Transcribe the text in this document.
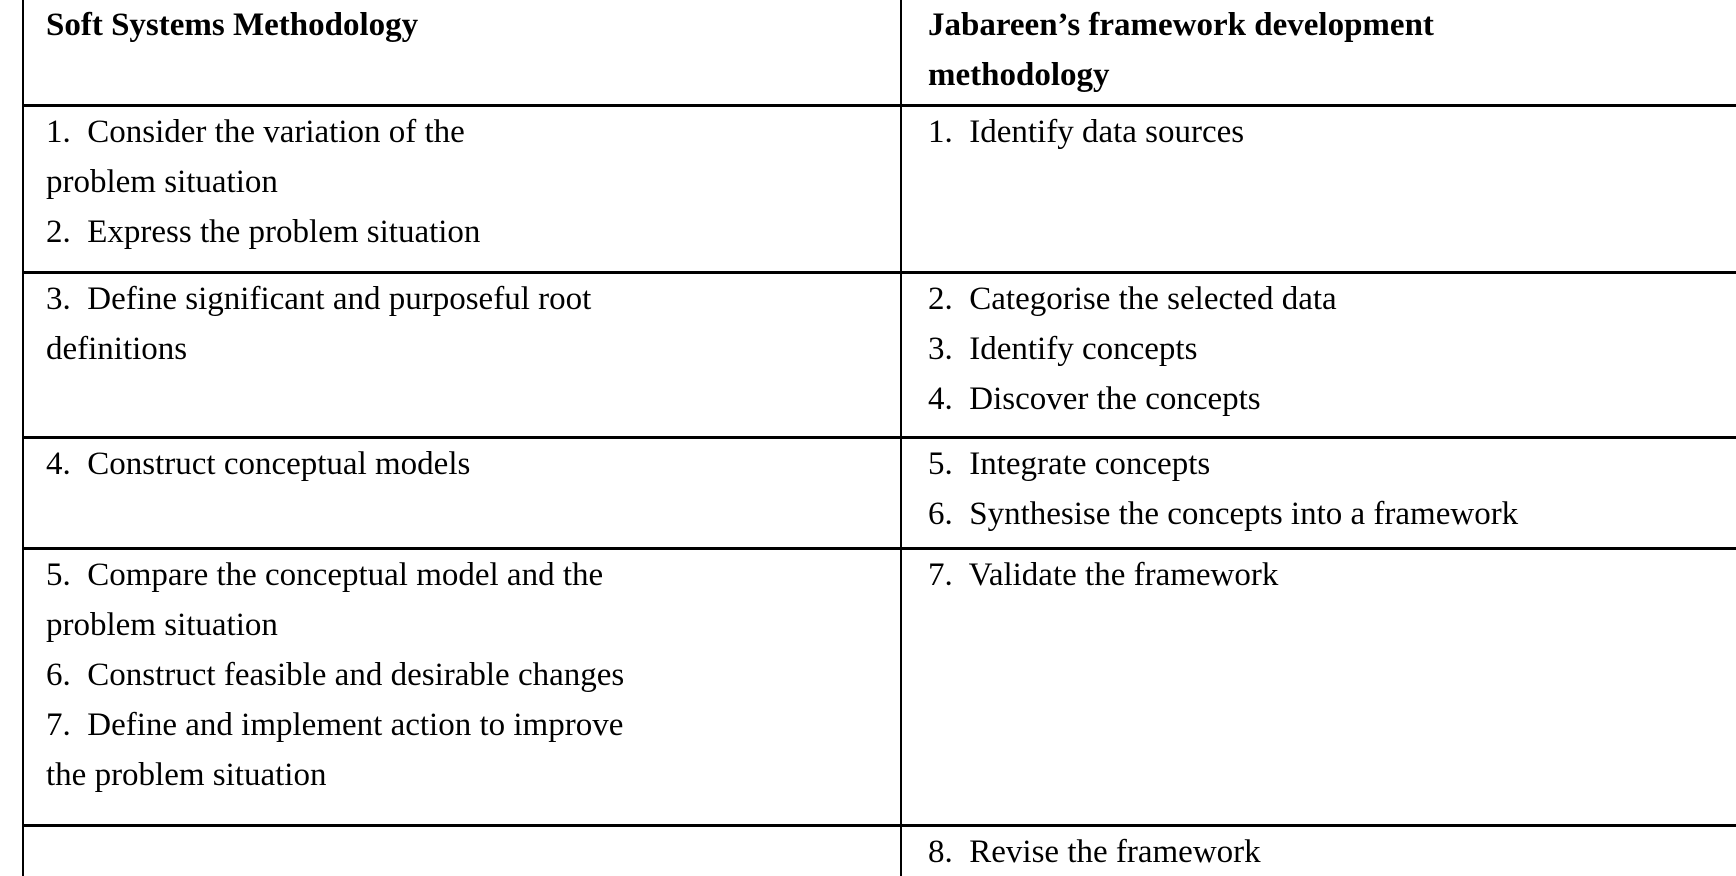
Soft Systems Methodology	Jabareen’s framework development
methodology
1.  Consider the variation of the
problem situation
2.  Express the problem situation
1.  Identify data sources
3.  Define significant and purposeful root
definitions
2.  Categorise the selected data
3.  Identify concepts
4.  Discover the concepts
4.  Construct conceptual models	5.  Integrate concepts
6.  Synthesise the concepts into a framework
5.  Compare the conceptual model and the
problem situation
6.  Construct feasible and desirable changes
7.  Define and implement action to improve
the problem situation
7.  Validate the framework
8.  Revise the framework
